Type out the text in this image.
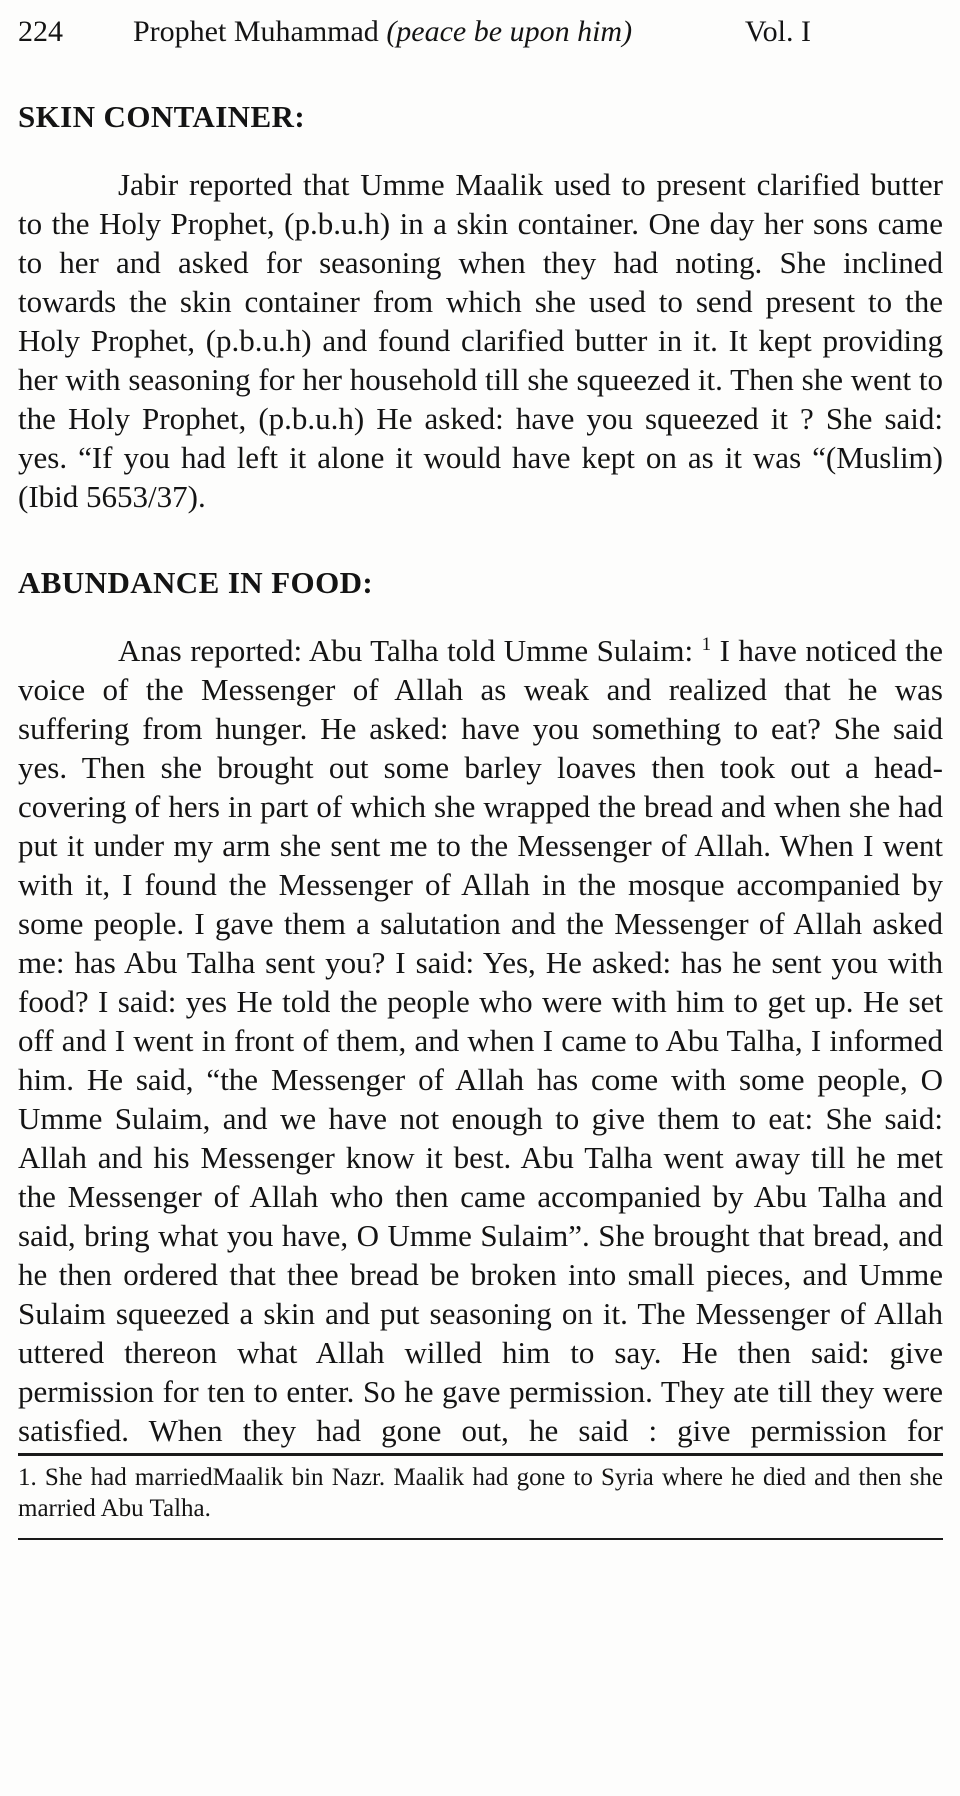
224 Prophet Muhammad (peace be upon him)	Vol. I
SKIN CONTAINER:

Jabir reported that Umme Maalik used to present clarified butter to the Holy Prophet, (p.b.u.h) in a skin container. One day her sons came to her and asked for seasoning when they had noting. She inclined towards the skin container from which she used to send present to the Holy Prophet, (p.b.u.h) and found clarified butter in it. It kept providing her with seasoning for her household till she squeezed it. Then she went to the Holy Prophet, (p.b.u.h) He asked: have you squeezed it ? She said: yes. “If you had left it alone it would have kept on as it was “(Muslim) (Ibid 5653/37).

ABUNDANCE IN FOOD:

Anas reported: Abu Talha told Umme Sulaim: $^1$ I have noticed the voice of the Messenger of Allah as weak and realized that he was suffering from hunger. He asked: have you something to eat? She said yes. Then she brought out some barley loaves then took out a head-covering of hers in part of which she wrapped the bread and when she had put it under my arm she sent me to the Messenger of Allah. When I went with it, I found the Messenger of Allah in the mosque accompanied by some people. I gave them a salutation and the Messenger of Allah asked me: has Abu Talha sent you? I said: Yes, He asked: has he sent you with food? I said: yes He told the people who were with him to get up. He set off and I went in front of them, and when I came to Abu Talha, I informed him. He said, “the Messenger of Allah has come with some people, O Umme Sulaim, and we have not enough to give them to eat: She said: Allah and his Messenger know it best. Abu Talha went away till he met the Messenger of Allah who then came accompanied by Abu Talha and said, bring what you have, O Umme Sulaim”. She brought that bread, and he then ordered that thee bread be broken into small pieces, and Umme Sulaim squeezed a skin and put seasoning on it. The Messenger of Allah uttered thereon what Allah willed him to say. He then said: give permission for ten to enter. So he gave permission. They ate till they were satisfied. When they had gone out, he said : give permission for

1. She had marriedMaalik bin Nazr. Maalik had gone to Syria where he died and then she married Abu Talha.
